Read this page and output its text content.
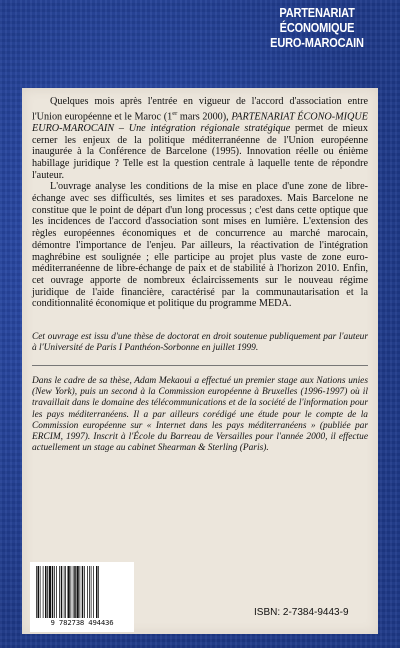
PARTENARIAT
ÉCONOMIQUE
EURO-MAROCAIN

Quelques mois après l'entrée en vigueur de l'accord d'association entre l'Union européenne et le Maroc (1er mars 2000), PARTENARIAT ÉCONO-MIQUE EURO-MAROCAIN – Une intégration régionale stratégique permet de mieux cerner les enjeux de la politique méditerranéenne de l'Union européenne inaugurée à la Conférence de Barcelone (1995). Innovation réelle ou énième habillage juridique ? Telle est la question centrale à laquelle tente de répondre l'auteur.

L'ouvrage analyse les conditions de la mise en place d'une zone de libre-échange avec ses difficultés, ses limites et ses paradoxes. Mais Barcelone ne constitue que le point de départ d'un long processus ; c'est dans cette optique que les incidences de l'accord d'association sont mises en lumière. L'extension des règles européennes économiques et de concurrence au marché marocain, démontre l'importance de l'enjeu. Par ailleurs, la réactivation de l'intégration maghrébine est soulignée ; elle participe au projet plus vaste de zone euro-méditerranéenne de libre-échange de paix et de stabilité à l'horizon 2010. Enfin, cet ouvrage apporte de nombreux éclaircissements sur le nouveau régime juridique de l'aide financière, caractérisé par la communautarisation et la conditionnalité économique et politique du programme MEDA.

Cet ouvrage est issu d'une thèse de doctorat en droit soutenue publiquement par l'auteur à l'Université de Paris I Panthéon-Sorbonne en juillet 1999.

Dans le cadre de sa thèse, Adam Mekaoui a effectué un premier stage aux Nations unies (New York), puis un second à la Commission européenne à Bruxelles (1996-1997) où il travaillait dans le domaine des télécommunications et de la société de l'information pour les pays méditerranéens. Il a par ailleurs corédigé une étude pour le compte de la Commission européenne sur « Internet dans les pays méditerranéens » (publiée par ERCIM, 1997). Inscrit à l'École du Barreau de Versailles pour l'année 2000, il effectue actuellement un stage au cabinet Shearman & Sterling (Paris).

9 782738 494436
ISBN: 2-7384-9443-9
